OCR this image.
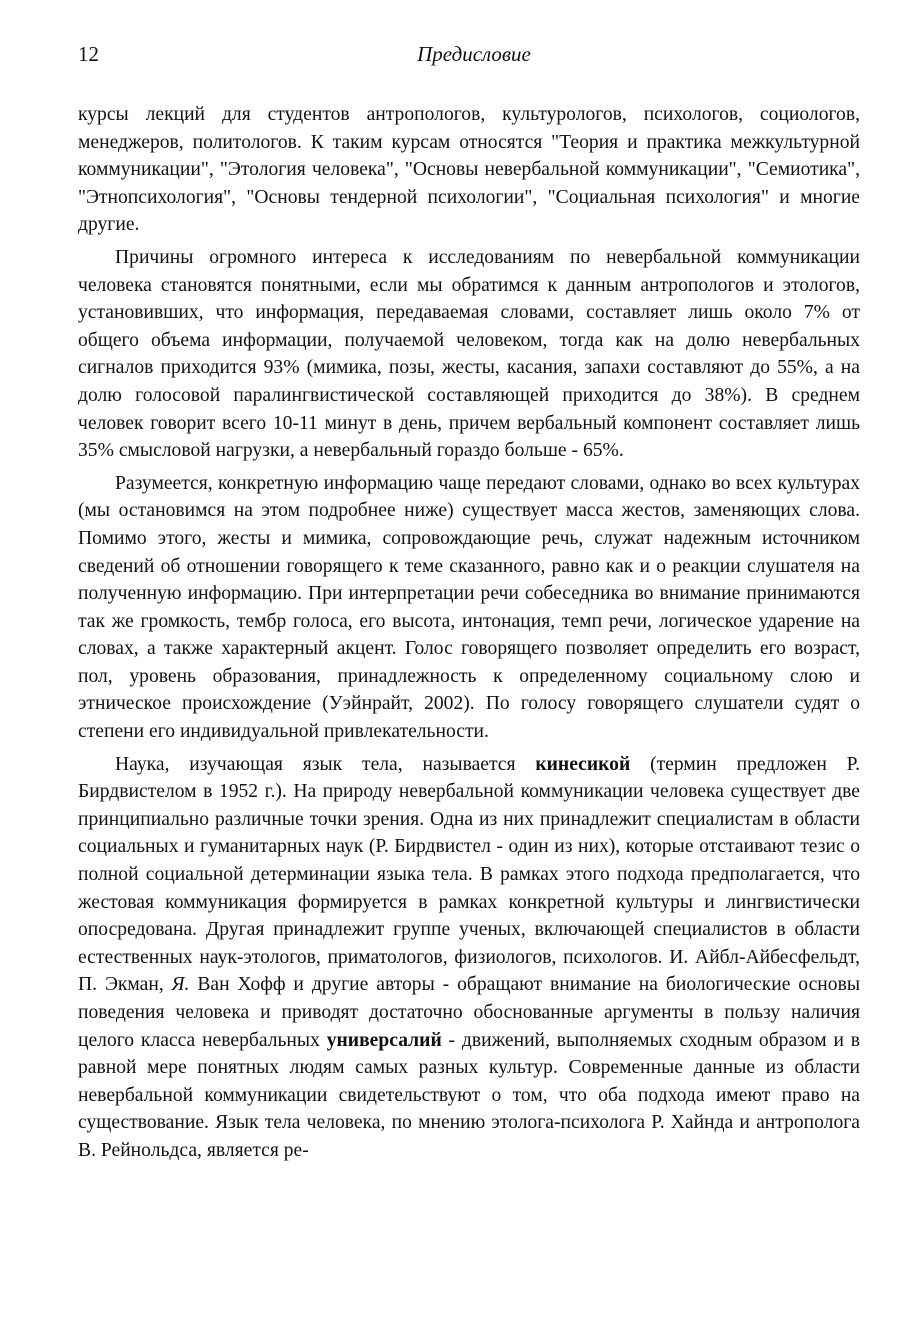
12	Предисловие

курсы лекций для студентов антропологов, культурологов, психологов, социологов, менеджеров, политологов. К таким курсам относятся "Теория и практика межкультурной коммуникации", "Этология человека", "Основы невербальной коммуникации", "Семиотика", "Этнопсихология", "Основы тендерной психологии", "Социальная психология" и многие другие.

Причины огромного интереса к исследованиям по невербальной коммуникации человека становятся понятными, если мы обратимся к данным антропологов и этологов, установивших, что информация, передаваемая словами, составляет лишь около 7% от общего объема информации, получаемой человеком, тогда как на долю невербальных сигналов приходится 93% (мимика, позы, жесты, касания, запахи составляют до 55%, а на долю голосовой паралингвистической составляющей приходится до 38%). В среднем человек говорит всего 10-11 минут в день, причем вербальный компонент составляет лишь 35% смысловой нагрузки, а невербальный гораздо больше - 65%.

Разумеется, конкретную информацию чаще передают словами, однако во всех культурах (мы остановимся на этом подробнее ниже) существует масса жестов, заменяющих слова. Помимо этого, жесты и мимика, сопровождающие речь, служат надежным источником сведений об отношении говорящего к теме сказанного, равно как и о реакции слушателя на полученную информацию. При интерпретации речи собеседника во внимание принимаются так же громкость, тембр голоса, его высота, интонация, темп речи, логическое ударение на словах, а также характерный акцент. Голос говорящего позволяет определить его возраст, пол, уровень образования, принадлежность к определенному социальному слою и этническое происхождение (Уэйнрайт, 2002). По голосу говорящего слушатели судят о степени его индивидуальной привлекательности.

Наука, изучающая язык тела, называется кинесикой (термин предложен Р. Бирдвистелом в 1952 г.). На природу невербальной коммуникации человека существует две принципиально различные точки зрения. Одна из них принадлежит специалистам в области социальных и гуманитарных наук (Р. Бирдвистел - один из них), которые отстаивают тезис о полной социальной детерминации языка тела. В рамках этого подхода предполагается, что жестовая коммуникация формируется в рамках конкретной культуры и лингвистически опосредована. Другая принадлежит группе ученых, включающей специалистов в области естественных наук-этологов, приматологов, физиологов, психологов. И. Айбл-Айбесфельдт, П. Экман, Я. Ван Хофф и другие авторы - обращают внимание на биологические основы поведения человека и приводят достаточно обоснованные аргументы в пользу наличия целого класса невербальных универсалий - движений, выполняемых сходным образом и в равной мере понятных людям самых разных культур. Современные данные из области невербальной коммуникации свидетельствуют о том, что оба подхода имеют право на существование. Язык тела человека, по мнению этолога-психолога Р. Хайнда и антрополога В. Рейнольдса, является ре-
